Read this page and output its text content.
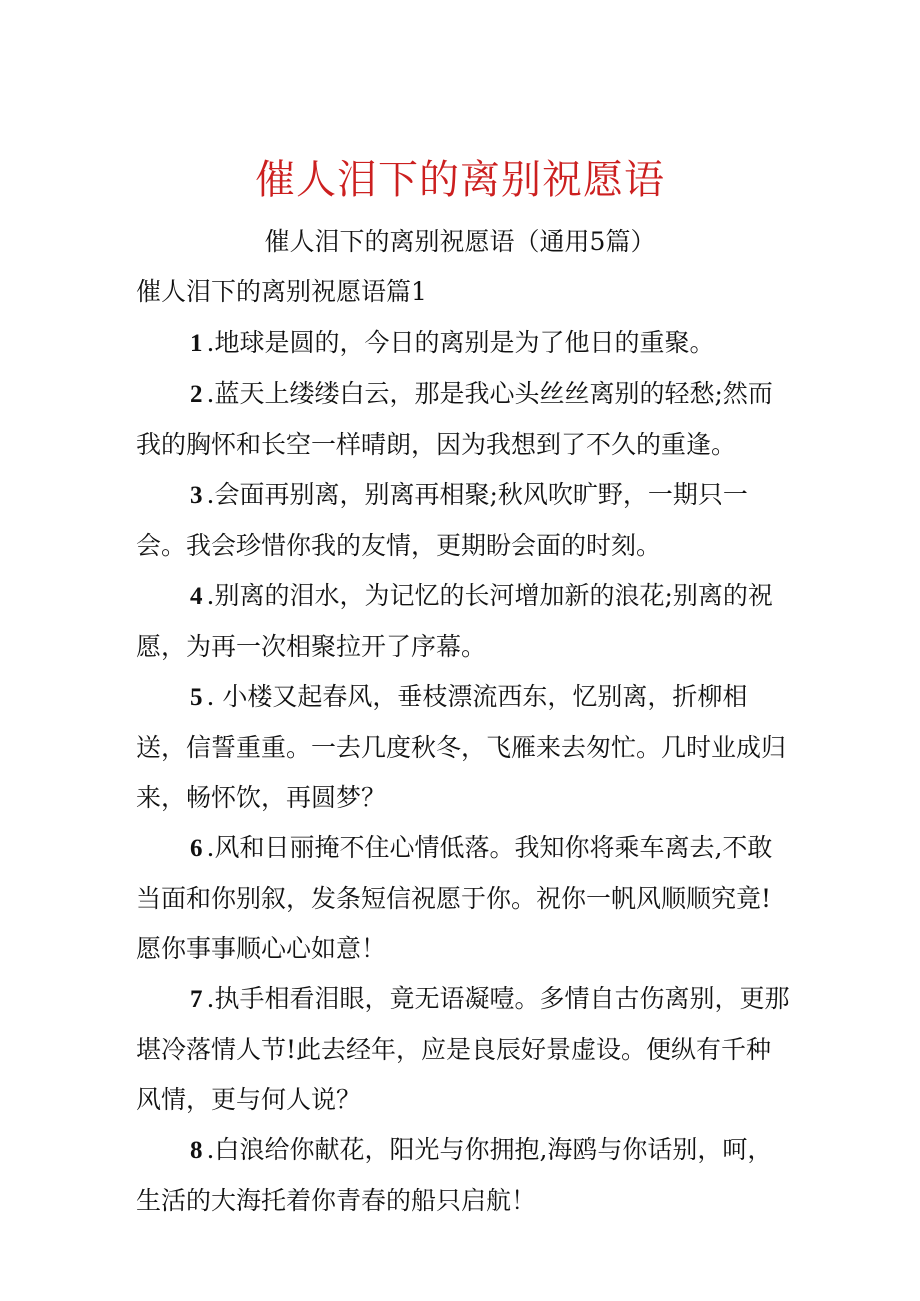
催人泪下的离别祝愿语
催人泪下的离别祝愿语（通用5篇）
催人泪下的离别祝愿语篇1

1 .地球是圆的，今日的离别是为了他日的重聚。

2 .蓝天上缕缕白云，那是我心头丝丝离别的轻愁;然而我的胸怀和长空一样晴朗，因为我想到了不久的重逢。

3 .会面再别离，别离再相聚;秋风吹旷野，一期只一会。我会珍惜你我的友情，更期盼会面的时刻。

4 .别离的泪水，为记忆的长河增加新的浪花;别离的祝愿，为再一次相聚拉开了序幕。

5 . 小楼又起春风，垂枝漂流西东，忆别离，折柳相送，信誓重重。一去几度秋冬，飞雁来去匆忙。几时业成归来，畅怀饮，再圆梦？

6 .风和日丽掩不住心情低落。我知你将乘车离去,不敢当面和你别叙，发条短信祝愿于你。祝你一帆风顺顺究竟!愿你事事顺心心如意！

7 .执手相看泪眼，竟无语凝噎。多情自古伤离别，更那堪冷落情人节!此去经年，应是良辰好景虚设。便纵有千种风情，更与何人说？

8 .白浪给你献花，阳光与你拥抱,海鸥与你话别，呵，生活的大海托着你青春的船只启航！
